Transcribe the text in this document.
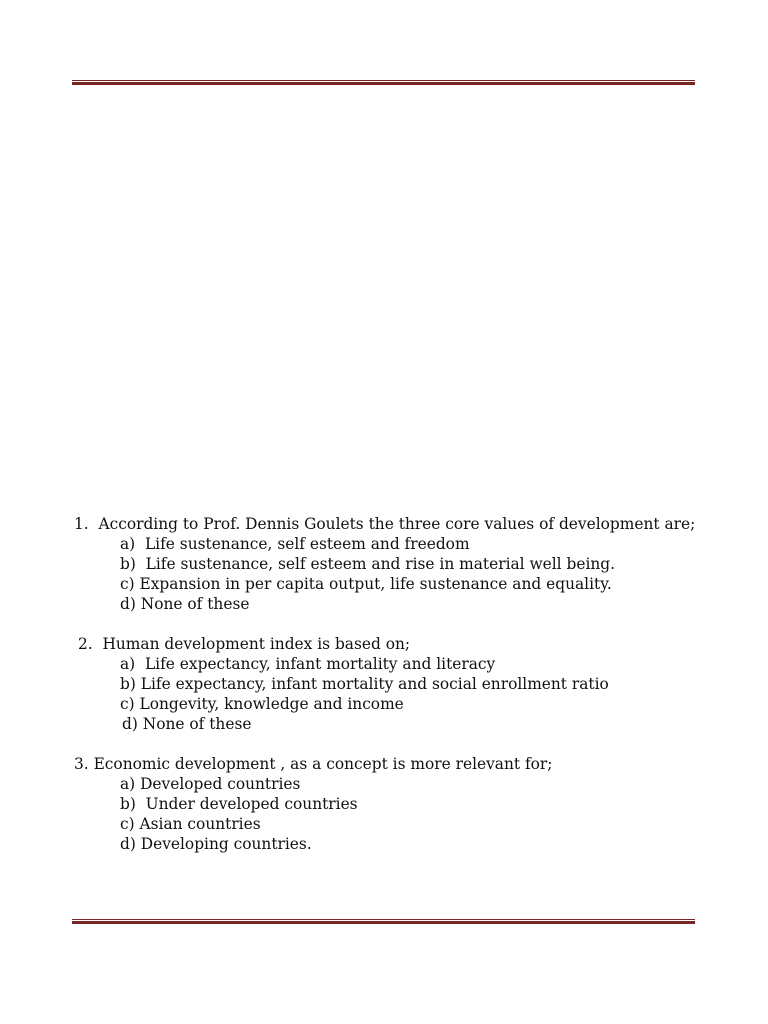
1.  According to Prof. Dennis Goulets the three core values of development are;
a)  Life sustenance, self esteem and freedom
b)  Life sustenance, self esteem and rise in material well being.
c) Expansion in per capita output, life sustenance and equality.
d) None of these
2.  Human development index is based on;
a)  Life expectancy, infant mortality and literacy
b) Life expectancy, infant mortality and social enrollment ratio
c) Longevity, knowledge and income
d) None of these
3. Economic development , as a concept is more relevant for;
a) Developed countries
b)  Under developed countries
c) Asian countries
d) Developing countries.
